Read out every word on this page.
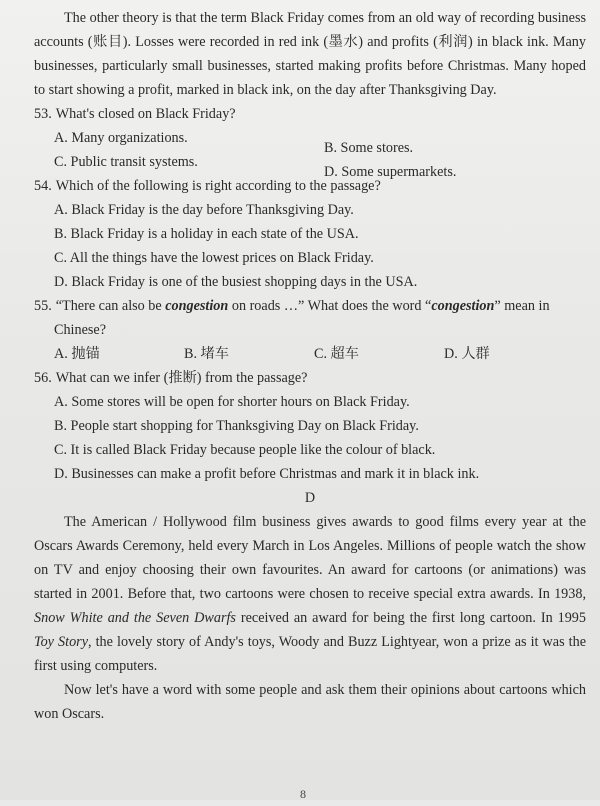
The other theory is that the term Black Friday comes from an old way of recording business accounts (账目). Losses were recorded in red ink (墨水) and profits (利润) in black ink. Many businesses, particularly small businesses, started making profits before Christmas. Many hoped to start showing a profit, marked in black ink, on the day after Thanksgiving Day.

53. What's closed on Black Friday?

A. Many organizations.

B. Some stores.

C. Public transit systems.

D. Some supermarkets.

54. Which of the following is right according to the passage?

A. Black Friday is the day before Thanksgiving Day.

B. Black Friday is a holiday in each state of the USA.

C. All the things have the lowest prices on Black Friday.

D. Black Friday is one of the busiest shopping days in the USA.

55. “There can also be congestion on roads …” What does the word “congestion” mean in Chinese?

A. 抛锚	B. 堵车	C. 超车	D. 人群

56. What can we infer (推断) from the passage?

A. Some stores will be open for shorter hours on Black Friday.

B. People start shopping for Thanksgiving Day on Black Friday.

C. It is called Black Friday because people like the colour of black.

D. Businesses can make a profit before Christmas and mark it in black ink.

D

The American / Hollywood film business gives awards to good films every year at the Oscars Awards Ceremony, held every March in Los Angeles. Millions of people watch the show on TV and enjoy choosing their own favourites. An award for cartoons (or animations) was started in 2001. Before that, two cartoons were chosen to receive special extra awards. In 1938, Snow White and the Seven Dwarfs received an award for being the first long cartoon. In 1995 Toy Story, the lovely story of Andy's toys, Woody and Buzz Lightyear, won a prize as it was the first using computers.

Now let's have a word with some people and ask them their opinions about cartoons which won Oscars.

8
